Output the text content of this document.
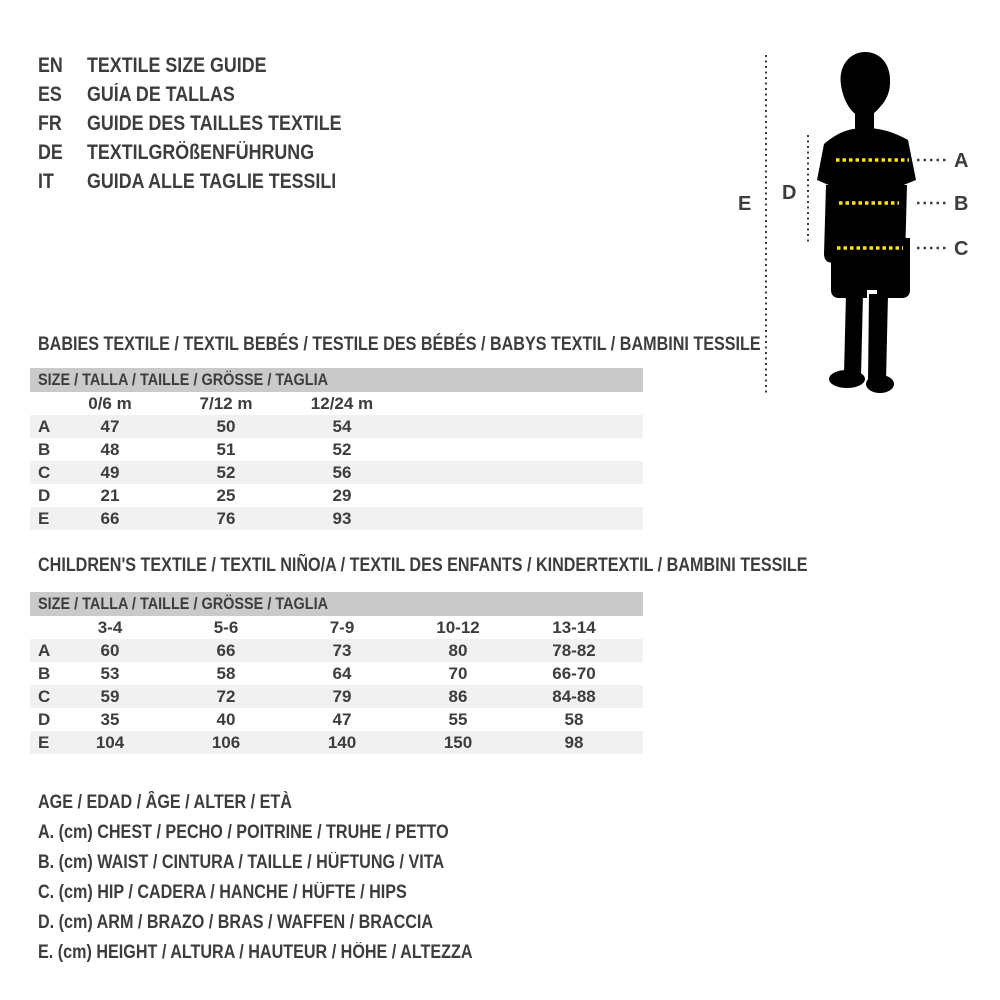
EN	TEXTILE SIZE GUIDE
ES	GUÍA DE TALLAS
FR	GUIDE DES TAILLES TEXTILE
DE	TEXTILGRÖßENFÜHRUNG
IT	GUIDA ALLE TAGLIE TESSILI
A
B
C
D
E
BABIES TEXTILE / TEXTIL BEBÉS / TESTILE DES BÉBÉS / BABYS TEXTIL / BAMBINI TESSILE
SIZE / TALLA / TAILLE / GRÖSSE / TAGLIA
	0/6 m	7/12 m	12/24 m			
A	47	50	54			
B	48	51	52			
C	49	52	56			
D	21	25	29			
E	66	76	93			
CHILDREN'S TEXTILE / TEXTIL NIÑO/A / TEXTIL DES ENFANTS / KINDERTEXTIL / BAMBINI TESSILE
SIZE / TALLA / TAILLE / GRÖSSE / TAGLIA
	3-4	5-6	7-9	10-12	13-14	
A	60	66	73	80	78-82	
B	53	58	64	70	66-70	
C	59	72	79	86	84-88	
D	35	40	47	55	58	
E	104	106	140	150	98	
AGE / EDAD / ÂGE / ALTER / ETÀ
A. (cm) CHEST / PECHO / POITRINE / TRUHE / PETTO
B. (cm) WAIST / CINTURA / TAILLE / HÜFTUNG / VITA
C. (cm) HIP / CADERA / HANCHE / HÜFTE / HIPS
D. (cm) ARM / BRAZO / BRAS / WAFFEN / BRACCIA
E. (cm) HEIGHT / ALTURA / HAUTEUR / HÖHE / ALTEZZA
